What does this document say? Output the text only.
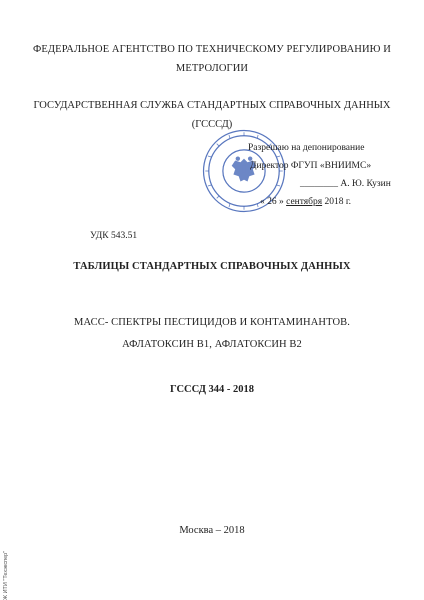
ФЕДЕРАЛЬНОЕ АГЕНТСТВО ПО ТЕХНИЧЕСКОМУ РЕГУЛИРОВАНИЮ И
МЕТРОЛОГИИ
ГОСУДАРСТВЕННАЯ СЛУЖБА СТАНДАРТНЫХ СПРАВОЧНЫХ ДАННЫХ
(ГСССД)
Разрешаю на депонирование
Директор ФГУП «ВНИИМС»
________ А. Ю. Кузин
« 26 » сентября 2018 г.
УДК 543.51
ТАБЛИЦЫ СТАНДАРТНЫХ СПРАВОЧНЫХ ДАННЫХ
МАСС- СПЕКТРЫ ПЕСТИЦИДОВ И КОНТАМИНАНТОВ.
АФЛАТОКСИН В1, АФЛАТОКСИН В2
ГСССД 344 - 2018
Москва – 2018
Ж ИТИ "Техэкспер"
